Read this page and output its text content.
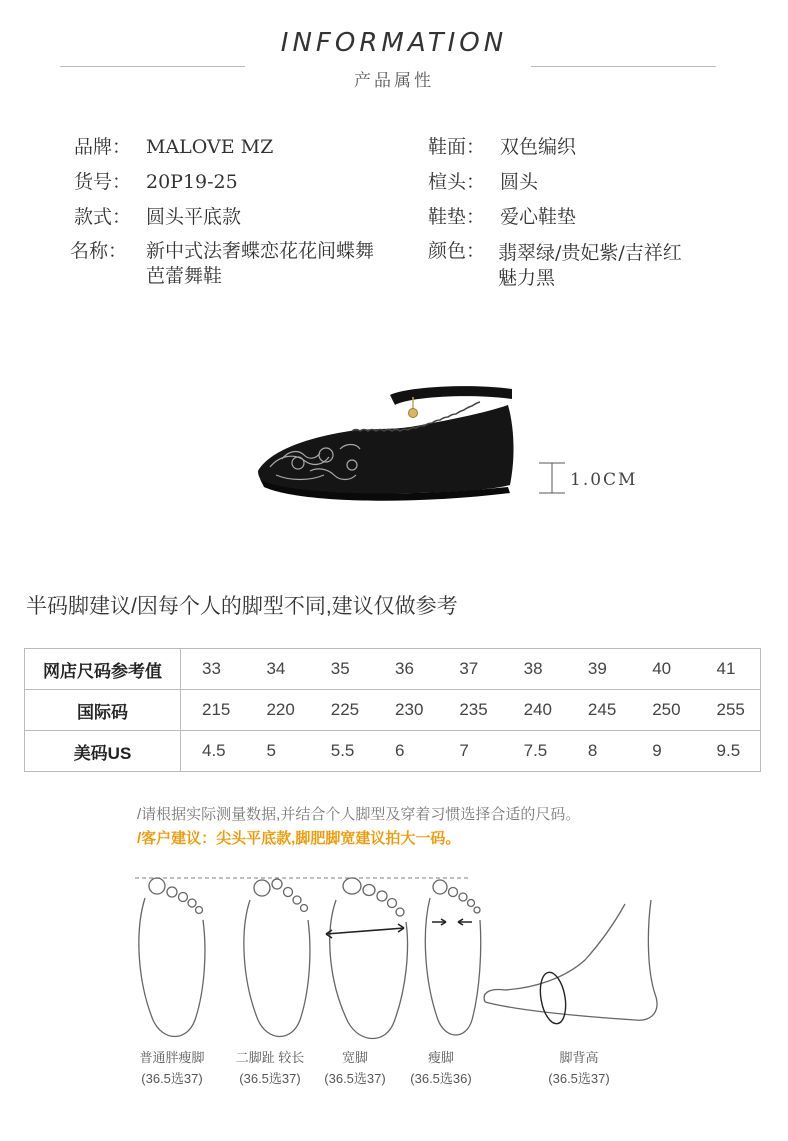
INFORMATION
产品属性
品牌： MALOVE MZ
货号： 20P19-25
款式： 圆头平底款
名称： 新中式法奢蝶恋花花间蝶舞
芭蕾舞鞋
鞋面： 双色编织
楦头： 圆头
鞋垫： 爱心鞋垫
颜色： 翡翠绿/贵妃紫/吉祥红
魅力黑
1.0CM
半码脚建议/因每个人的脚型不同,建议仅做参考
网店尺码参考值	33	34	35	36	37	38	39	40	41
国际码	215	220	225	230	235	240	245	250	255
美码US	4.5	5	5.5	6	7	7.5	8	9	9.5
/请根据实际测量数据,并结合个人脚型及穿着习惯选择合适的尺码。
/客户建议：尖头平底款,脚肥脚宽建议拍大一码。
普通胖瘦脚
(36.5选37)
二脚趾 较长
(36.5选37)
宽脚
(36.5选37)
瘦脚
(36.5选36)
脚背高
(36.5选37)
